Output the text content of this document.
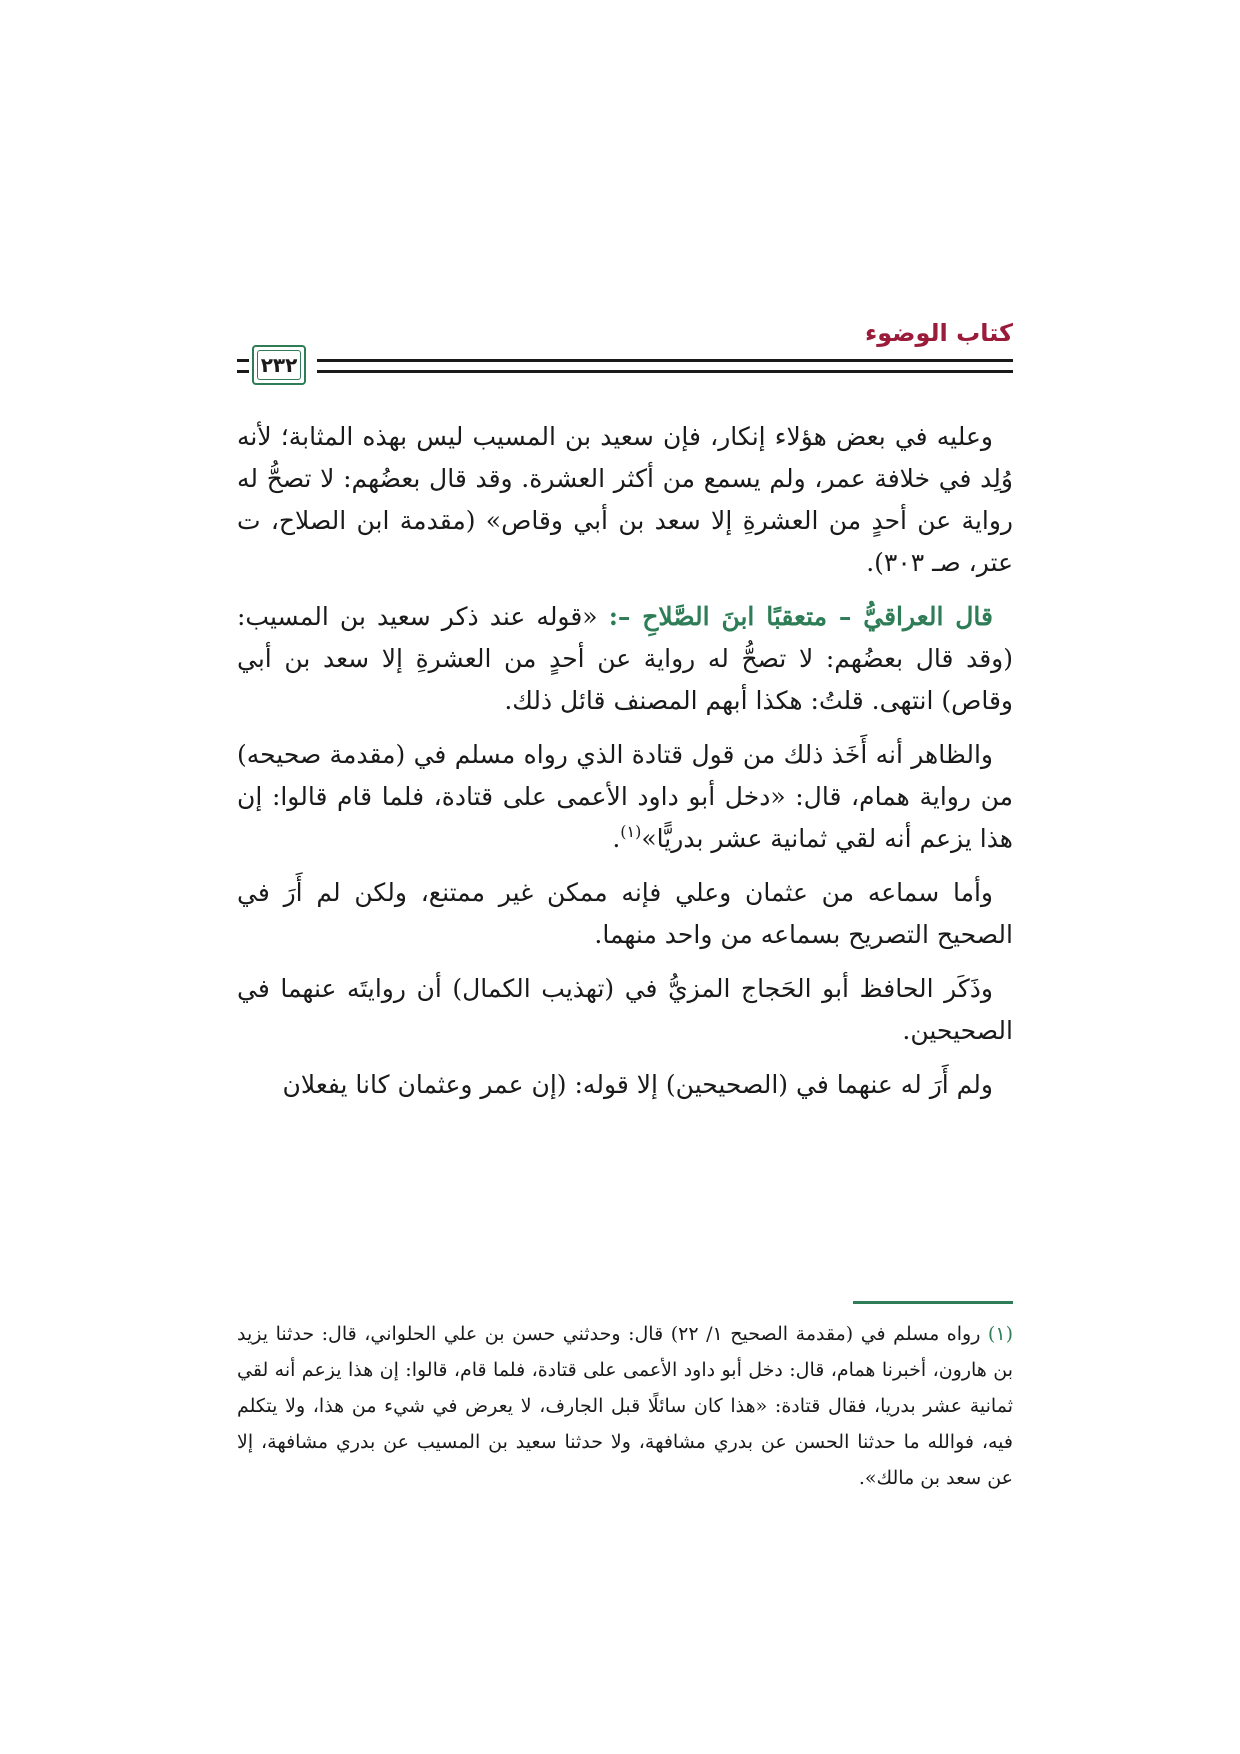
كتاب الوضوء
٢٣٢

وعليه في بعض هؤلاء إنكار، فإن سعيد بن المسيب ليس بهذه المثابة؛ لأنه وُلِد في خلافة عمر، ولم يسمع من أكثر العشرة. وقد قال بعضُهم: لا تصحُّ له رواية عن أحدٍ من العشرةِ إلا سعد بن أبي وقاص» (مقدمة ابن الصلاح، ت عتر، صـ ٣٠٣).

قال العراقيُّ – متعقبًا ابنَ الصَّلاحِ –: «قوله عند ذكر سعيد بن المسيب: (وقد قال بعضُهم: لا تصحُّ له رواية عن أحدٍ من العشرةِ إلا سعد بن أبي وقاص) انتهى. قلتُ: هكذا أبهم المصنف قائل ذلك.

والظاهر أنه أَخَذ ذلك من قول قتادة الذي رواه مسلم في (مقدمة صحيحه) من رواية همام، قال: «دخل أبو داود الأعمى على قتادة، فلما قام قالوا: إن هذا يزعم أنه لقي ثمانية عشر بدريًّا»$^{(١)}$.

وأما سماعه من عثمان وعلي فإنه ممكن غير ممتنع، ولكن لم أَرَ في الصحيح التصريح بسماعه من واحد منهما.

وذَكَر الحافظ أبو الحَجاج المزيُّ في (تهذيب الكمال) أن روايتَه عنهما في الصحيحين.

ولم أَرَ له عنهما في (الصحيحين) إلا قوله: (إن عمر وعثمان كانا يفعلان

(١) رواه مسلم في (مقدمة الصحيح ١/ ٢٢) قال: وحدثني حسن بن علي الحلواني، قال: حدثنا يزيد بن هارون، أخبرنا همام، قال: دخل أبو داود الأعمى على قتادة، فلما قام، قالوا: إن هذا يزعم أنه لقي ثمانية عشر بدريا، فقال قتادة: «هذا كان سائلًا قبل الجارف، لا يعرض في شيء من هذا، ولا يتكلم فيه، فوالله ما حدثنا الحسن عن بدري مشافهة، ولا حدثنا سعيد بن المسيب عن بدري مشافهة، إلا عن سعد بن مالك».
